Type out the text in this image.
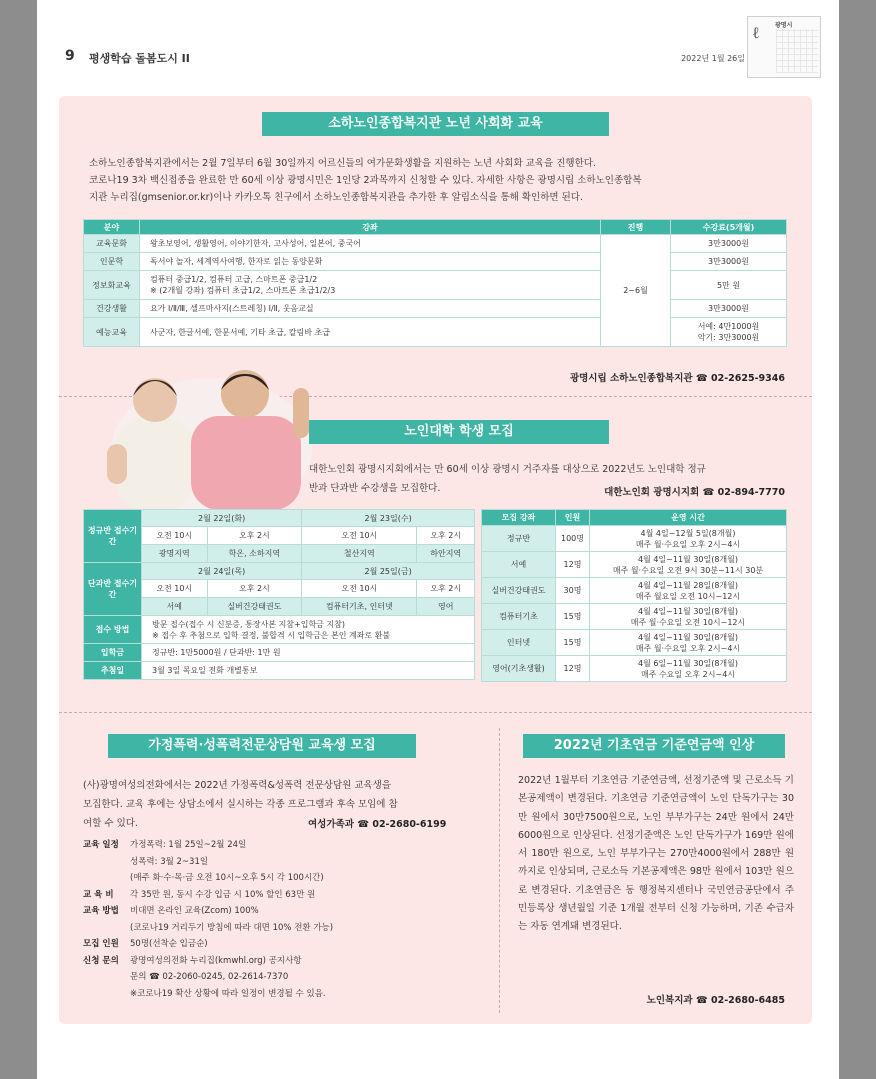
9 평생학습 돌봄도시 II	2022년 1월 26일
ℓ	광명시
소하노인종합복지관 노년 사회화 교육
소하노인종합복지관에서는 2월 7일부터 6월 30일까지 어르신들의 여가문화생활을 지원하는 노년 사회화 교육을 진행한다.
코로나19 3차 백신접종을 완료한 만 60세 이상 광명시민은 1인당 2과목까지 신청할 수 있다. 자세한 사항은 광명시립 소하노인종합복
지관 누리집(gmsenior.or.kr)이나 카카오톡 친구에서 소하노인종합복지관을 추가한 후 알림소식을 통해 확인하면 된다.
분야	강좌	진행	수강료(5개월)
교육문화	왕초보영어, 생활영어, 이야기한자, 고사성어, 일본어, 중국어	2~6월	3만3000원
인문학	독서야 놀자, 세계역사여행, 한자로 읽는 동양문화		3만3000원
정보화교육	컴퓨터 중급1/2, 컴퓨터 고급, 스마트폰 중급1/2
※ (2개월 강좌) 컴퓨터 초급1/2, 스마트폰 초급1/2/3		5만 원
건강생활	요가 Ⅰ/Ⅱ/Ⅲ, 셀프마사지(스트레칭) Ⅰ/Ⅱ, 웃음교실		3만3000원
예능교육	사군자, 한글서예, 한문서예, 기타 초급, 칼림바 초급		서예: 4만1000원
악기: 3만3000원
광명시립 소하노인종합복지관 ☎ 02-2625-9346
노인대학 학생 모집
대한노인회 광명시지회에서는 만 60세 이상 광명시 거주자를 대상으로 2022년도 노인대학 정규
반과 단과반 수강생을 모집한다.	대한노인회 광명시지회 ☎ 02-894-7770
정규반 접수기간	2월 22일(화)		2월 23일(수)	
	오전 10시	오후 2시	오전 10시	오후 2시
	광명지역	학온, 소하지역	철산지역	하안지역
단과반 접수기간	2월 24일(목)		2월 25일(금)	
	오전 10시	오후 2시	오전 10시	오후 2시
	서예	실버건강태권도	컴퓨터기초, 인터넷	영어
접수 방법	방문 접수(접수 시 신분증, 통장사본 지참+입학금 지참)
※ 접수 후 추첨으로 입학 결정, 불합격 시 입학금은 본인 계좌로 환불			

입학금	정규반: 1만5000원 / 단과반: 1만 원			
추첨일	3월 3일 목요일 전화 개별통보			
모집 강좌	인원	운영 시간
정규반	100명	4월 4일~12월 5일(8개월)
매주 월·수요일 오후 2시~4시

서예	12명	4월 4일~11월 30일(8개월)
매주 월·수요일 오전 9시 30분~11시 30분

실버건강태권도	30명	4월 4일~11월 28일(8개월)
매주 월요일 오전 10시~12시

컴퓨터기초	15명	4월 4일~11월 30일(8개월)
매주 월·수요일 오전 10시~12시

인터넷	15명	4월 4일~11월 30일(8개월)
매주 월·수요일 오후 2시~4시

영어(기초생활)	12명	4월 6일~11월 30일(8개월)
매주 수요일 오후 2시~4시
가정폭력·성폭력전문상담원 교육생 모집
(사)광명여성의전화에서는 2022년 가정폭력&성폭력 전문상담원 교육생을
모집한다. 교육 후에는 상담소에서 실시하는 각종 프로그램과 후속 모임에 참
여할 수 있다.	여성가족과 ☎ 02-2680-6199
교육 일정	가정폭력: 1월 25일~2월 24일
성폭력: 3월 2~31일
(매주 화·수·목·금 오전 10시~오후 5시 각 100시간)
교 육 비	각 35만 원, 동시 수강 입금 시 10% 할인 63만 원
교육 방법	비대면 온라인 교육(Zcom) 100%
(코로나19 거리두기 방침에 따라 대면 10% 전환 가능)
모집 인원	50명(선착순 입금순)
신청 문의	광명여성의전화 누리집(kmwhl.org) 공지사항
문의 ☎ 02-2060-0245, 02-2614-7370
※코로나19 확산 상황에 따라 일정이 변경될 수 있음.
2022년 기초연금 기준연금액 인상
2022년 1월부터 기초연금 기준연금액, 선정기준액 및 근로소득 기본공제액이 변경된다. 기초연금 기준연금액이 노인 단독가구는 30만 원에서 30만7500원으로, 노인 부부가구는 24만 원에서 24만6000원으로 인상된다. 선정기준액은 노인 단독가구가 169만 원에서 180만 원으로, 노인 부부가구는 270만4000원에서 288만 원까지로 인상되며, 근로소득 기본공제액은 98만 원에서 103만 원으로 변경된다. 기초연금은 동 행정복지센터나 국민연금공단에서 주민등록상 생년월일 기준 1개월 전부터 신청 가능하며, 기존 수급자는 자동 연계돼 변경된다.
노인복지과 ☎ 02-2680-6485
